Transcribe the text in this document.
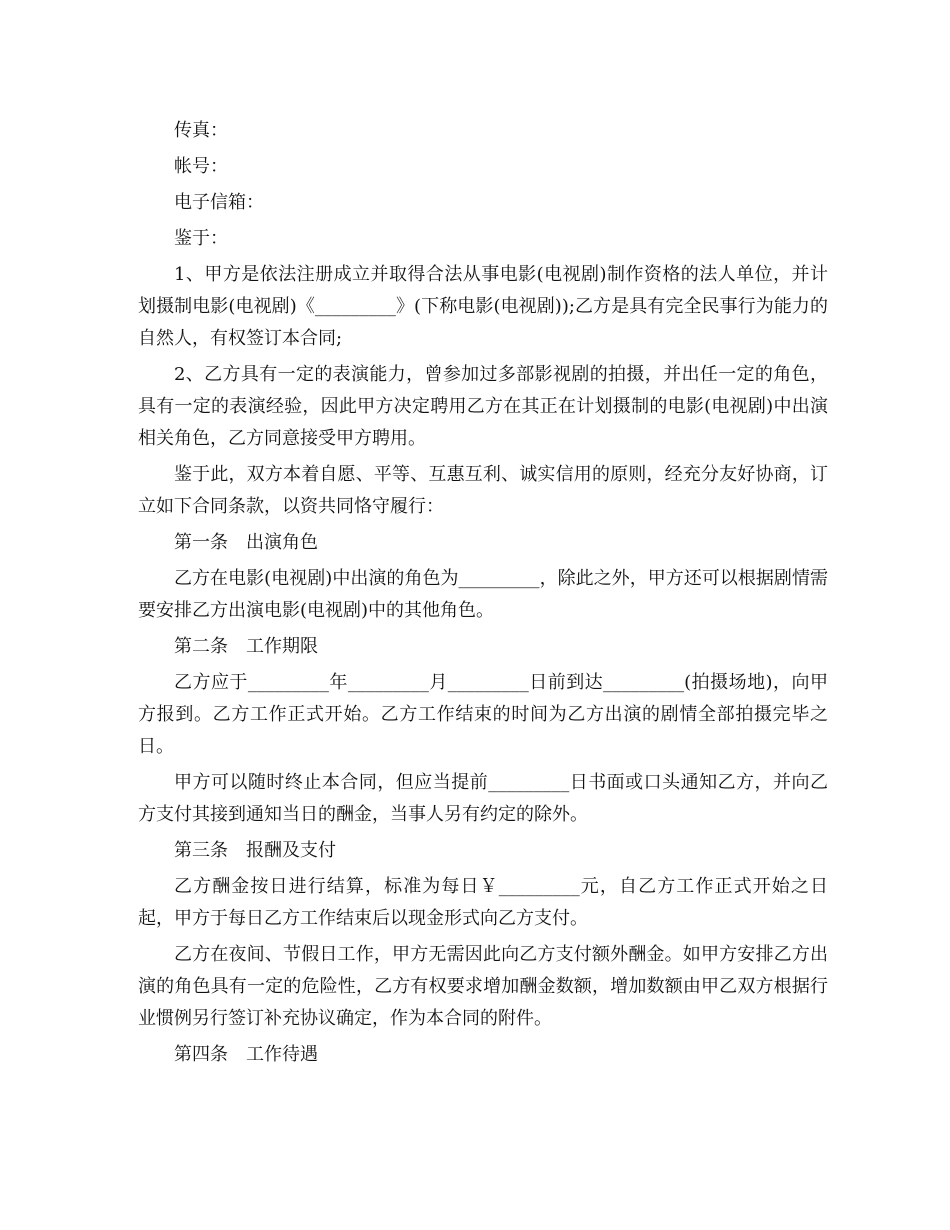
传真：

帐号：

电子信箱：

鉴于：

1、甲方是依法注册成立并取得合法从事电影(电视剧)制作资格的法人单位，并计划摄制电影(电视剧)《_________》(下称电影(电视剧));乙方是具有完全民事行为能力的自然人，有权签订本合同;

2、乙方具有一定的表演能力，曾参加过多部影视剧的拍摄，并出任一定的角色，具有一定的表演经验，因此甲方决定聘用乙方在其正在计划摄制的电影(电视剧)中出演相关角色，乙方同意接受甲方聘用。

鉴于此，双方本着自愿、平等、互惠互利、诚实信用的原则，经充分友好协商，订立如下合同条款，以资共同恪守履行：

第一条　出演角色

乙方在电影(电视剧)中出演的角色为_________，除此之外，甲方还可以根据剧情需要安排乙方出演电影(电视剧)中的其他角色。

第二条　工作期限

乙方应于_________年_________月_________日前到达_________(拍摄场地)，向甲方报到。乙方工作正式开始。乙方工作结束的时间为乙方出演的剧情全部拍摄完毕之日。

甲方可以随时终止本合同，但应当提前_________日书面或口头通知乙方，并向乙方支付其接到通知当日的酬金，当事人另有约定的除外。

第三条　报酬及支付

乙方酬金按日进行结算，标准为每日￥_________元，自乙方工作正式开始之日起，甲方于每日乙方工作结束后以现金形式向乙方支付。

乙方在夜间、节假日工作，甲方无需因此向乙方支付额外酬金。如甲方安排乙方出演的角色具有一定的危险性，乙方有权要求增加酬金数额，增加数额由甲乙双方根据行业惯例另行签订补充协议确定，作为本合同的附件。

第四条　工作待遇
